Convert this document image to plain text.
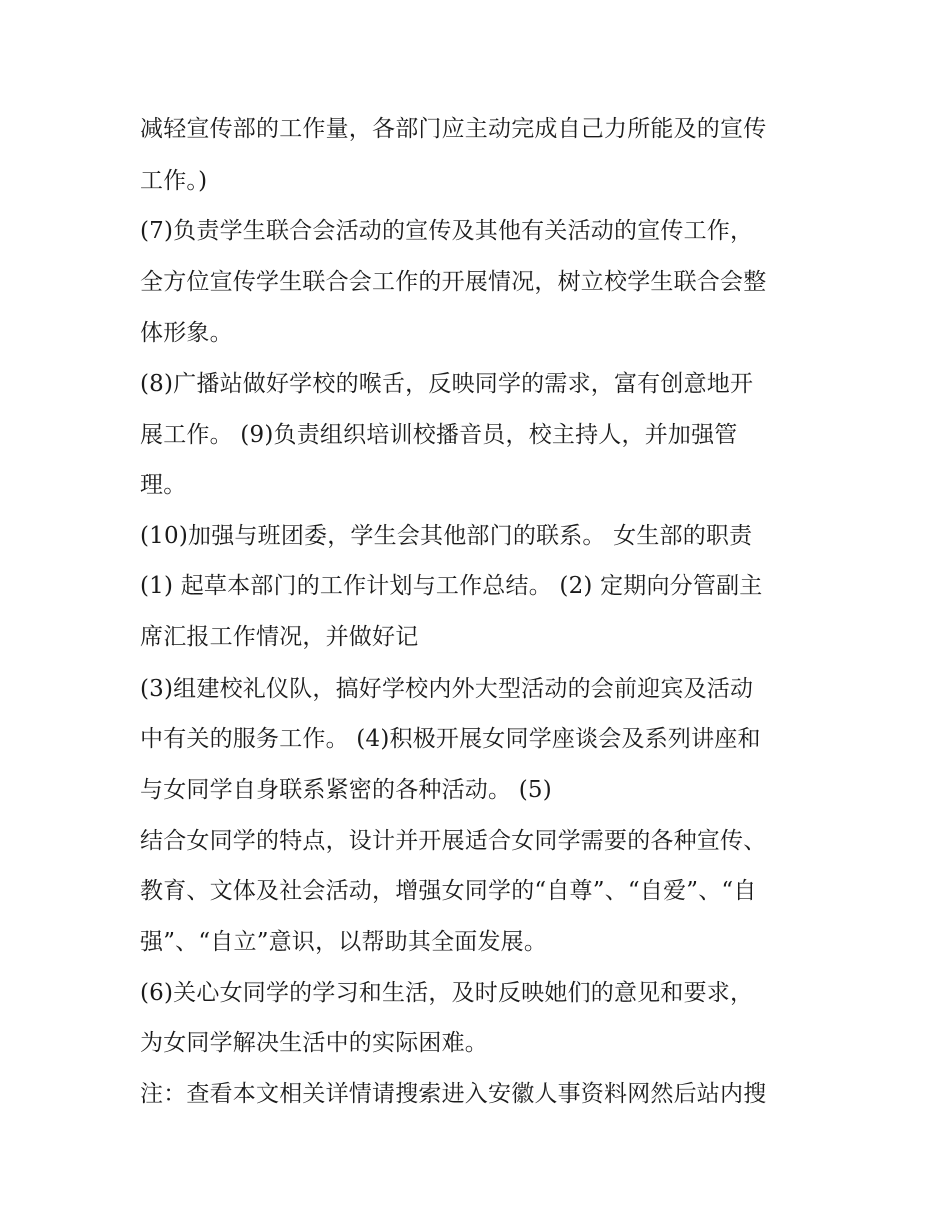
减轻宣传部的工作量，各部门应主动完成自己力所能及的宣传
工作。)
(7)负责学生联合会活动的宣传及其他有关活动的宣传工作，
全方位宣传学生联合会工作的开展情况，树立校学生联合会整
体形象。
(8)广播站做好学校的喉舌，反映同学的需求，富有创意地开
展工作。 (9)负责组织培训校播音员，校主持人，并加强管
理。
(10)加强与班团委，学生会其他部门的联系。 女生部的职责
(1) 起草本部门的工作计划与工作总结。 (2) 定期向分管副主
席汇报工作情况，并做好记
(3)组建校礼仪队，搞好学校内外大型活动的会前迎宾及活动
中有关的服务工作。 (4)积极开展女同学座谈会及系列讲座和
与女同学自身联系紧密的各种活动。 (5)
结合女同学的特点，设计并开展适合女同学需要的各种宣传、
教育、文体及社会活动，增强女同学的“自尊”、“自爱”、“自
强”、“自立”意识，以帮助其全面发展。
(6)关心女同学的学习和生活，及时反映她们的意见和要求，
为女同学解决生活中的实际困难。
注：查看本文相关详情请搜索进入安徽人事资料网然后站内搜
